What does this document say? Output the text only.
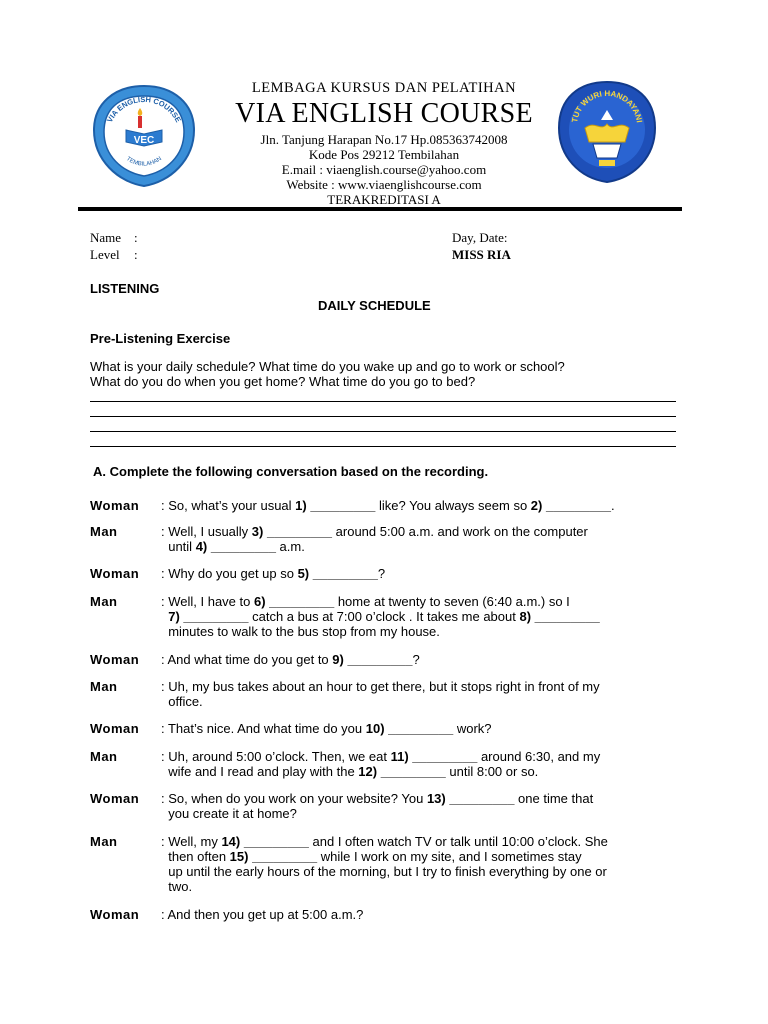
VIA ENGLISH COURSE
TEMBILAHAN
VEC
TUT WURI HANDAYANI
LEMBAGA KURSUS DAN PELATIHAN
VIA ENGLISH COURSE
Jln. Tanjung Harapan No.17 Hp.085363742008
Kode Pos 29212 Tembilahan
E.mail : viaenglish.course@yahoo.com
Website : www.viaenglishcourse.com
TERAKREDITASI A
Name :
Level :
Day, Date:
MISS RIA
LISTENING
DAILY SCHEDULE
Pre-Listening Exercise
What is your daily schedule? What time do you wake up and go to work or school?
What do you do when you get home? What time do you go to bed?
A. Complete the following conversation based on the recording.
Woman : So, what’s your usual 1) _________ like? You always seem so 2) _________.
Man	: Well, I usually 3) _________ around 5:00 a.m. and work on the computer
until 4) _________ a.m.
Woman : Why do you get up so 5) _________?
Man	: Well, I have to 6) _________ home at twenty to seven (6:40 a.m.) so I
7) _________ catch a bus at 7:00 o’clock . It takes me about 8) _________
minutes to walk to the bus stop from my house.
Woman : And what time do you get to 9) _________?
Man	: Uh, my bus takes about an hour to get there, but it stops right in front of my
office.
Woman : That’s nice. And what time do you 10) _________ work?
Man	: Uh, around 5:00 o’clock. Then, we eat 11) _________ around 6:30, and my
wife and I read and play with the 12) _________ until 8:00 or so.
Woman : So, when do you work on your website? You 13) _________ one time that
you create it at home?
Man	: Well, my 14) _________ and I often watch TV or talk until 10:00 o’clock. She
then often 15) _________ while I work on my site, and I sometimes stay
up until the early hours of the morning, but I try to finish everything by one or
two.
Woman : And then you get up at 5:00 a.m.?
